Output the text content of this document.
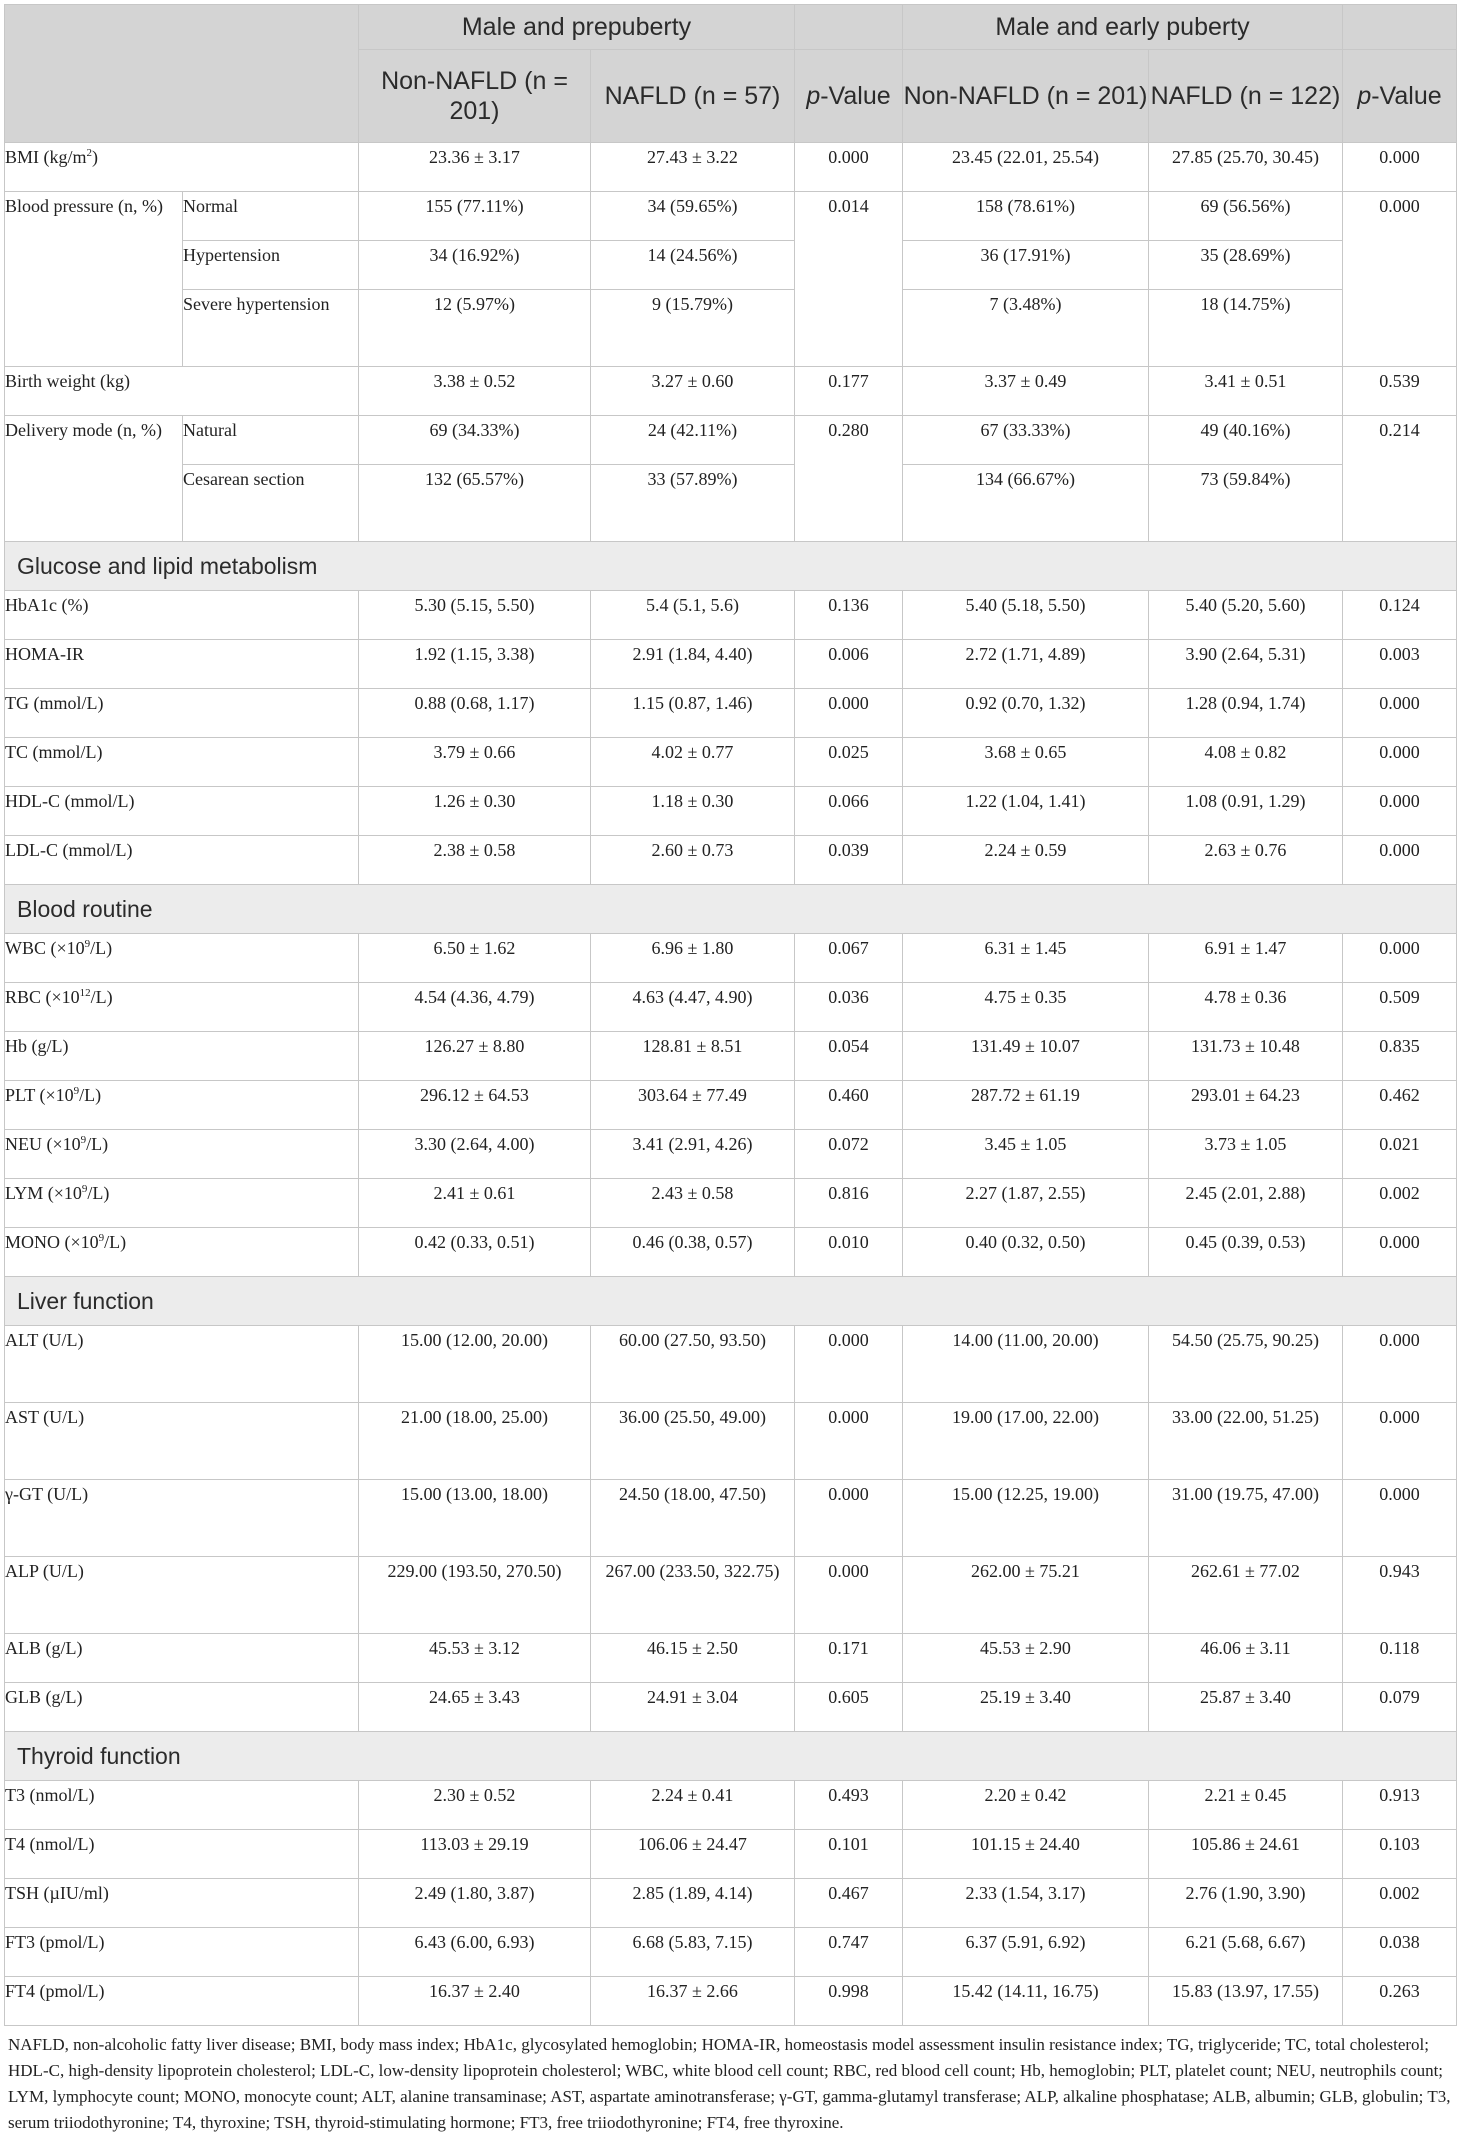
		Male and prepuberty			Male and early puberty		
		Non-NAFLD (n = 201)	NAFLD (n = 57)	p-Value	Non-NAFLD (n = 201)	NAFLD (n = 122)	p-Value
BMI $(kg/m^2)$		23.36 ± 3.17	27.43 ± 3.22	0.000	23.45 (22.01, 25.54)	27.85 (25.70, 30.45)	0.000
Blood pressure (n, %)	Normal	155 (77.11%)	34 (59.65%)	0.014	158 (78.61%)	69 (56.56%)	0.000
	Hypertension	34 (16.92%)	14 (24.56%)		36 (17.91%)	35 (28.69%)	
	Severe hypertension	12 (5.97%)	9 (15.79%)		7 (3.48%)	18 (14.75%)	
Birth weight (kg)		3.38 ± 0.52	3.27 ± 0.60	0.177	3.37 ± 0.49	3.41 ± 0.51	0.539
Delivery mode (n, %)	Natural	69 (34.33%)	24 (42.11%)	0.280	67 (33.33%)	49 (40.16%)	0.214
	Cesarean section	132 (65.57%)	33 (57.89%)		134 (66.67%)	73 (59.84%)	
Glucose and lipid metabolism							
HbA1c (%)		5.30 (5.15, 5.50)	5.4 (5.1, 5.6)	0.136	5.40 (5.18, 5.50)	5.40 (5.20, 5.60)	0.124
HOMA-IR		1.92 (1.15, 3.38)	2.91 (1.84, 4.40)	0.006	2.72 (1.71, 4.89)	3.90 (2.64, 5.31)	0.003
TG (mmol/L)		0.88 (0.68, 1.17)	1.15 (0.87, 1.46)	0.000	0.92 (0.70, 1.32)	1.28 (0.94, 1.74)	0.000
TC (mmol/L)		3.79 ± 0.66	4.02 ± 0.77	0.025	3.68 ± 0.65	4.08 ± 0.82	0.000
HDL-C (mmol/L)		1.26 ± 0.30	1.18 ± 0.30	0.066	1.22 (1.04, 1.41)	1.08 (0.91, 1.29)	0.000
LDL-C (mmol/L)		2.38 ± 0.58	2.60 ± 0.73	0.039	2.24 ± 0.59	2.63 ± 0.76	0.000
Blood routine							
WBC $(\times 10^9/L)$		6.50 ± 1.62	6.96 ± 1.80	0.067	6.31 ± 1.45	6.91 ± 1.47	0.000
RBC $(\times 10^{12}/L)$		4.54 (4.36, 4.79)	4.63 (4.47, 4.90)	0.036	4.75 ± 0.35	4.78 ± 0.36	0.509
Hb (g/L)		126.27 ± 8.80	128.81 ± 8.51	0.054	131.49 ± 10.07	131.73 ± 10.48	0.835
PLT $(\times 10^9/L)$		296.12 ± 64.53	303.64 ± 77.49	0.460	287.72 ± 61.19	293.01 ± 64.23	0.462
NEU $(\times 10^9/L)$		3.30 (2.64, 4.00)	3.41 (2.91, 4.26)	0.072	3.45 ± 1.05	3.73 ± 1.05	0.021
LYM $(\times 10^9/L)$		2.41 ± 0.61	2.43 ± 0.58	0.816	2.27 (1.87, 2.55)	2.45 (2.01, 2.88)	0.002
MONO $(\times 10^9/L)$		0.42 (0.33, 0.51)	0.46 (0.38, 0.57)	0.010	0.40 (0.32, 0.50)	0.45 (0.39, 0.53)	0.000
Liver function							
ALT (U/L)		15.00 (12.00, 20.00)	60.00 (27.50, 93.50)	0.000	14.00 (11.00, 20.00)	54.50 (25.75, 90.25)	0.000
AST (U/L)		21.00 (18.00, 25.00)	36.00 (25.50, 49.00)	0.000	19.00 (17.00, 22.00)	33.00 (22.00, 51.25)	0.000
γ-GT (U/L)		15.00 (13.00, 18.00)	24.50 (18.00, 47.50)	0.000	15.00 (12.25, 19.00)	31.00 (19.75, 47.00)	0.000
ALP (U/L)		229.00 (193.50, 270.50)	267.00 (233.50, 322.75)	0.000	262.00 ± 75.21	262.61 ± 77.02	0.943
ALB (g/L)		45.53 ± 3.12	46.15 ± 2.50	0.171	45.53 ± 2.90	46.06 ± 3.11	0.118
GLB (g/L)		24.65 ± 3.43	24.91 ± 3.04	0.605	25.19 ± 3.40	25.87 ± 3.40	0.079
Thyroid function							
T3 (nmol/L)		2.30 ± 0.52	2.24 ± 0.41	0.493	2.20 ± 0.42	2.21 ± 0.45	0.913
T4 (nmol/L)		113.03 ± 29.19	106.06 ± 24.47	0.101	101.15 ± 24.40	105.86 ± 24.61	0.103
TSH (µIU/ml)		2.49 (1.80, 3.87)	2.85 (1.89, 4.14)	0.467	2.33 (1.54, 3.17)	2.76 (1.90, 3.90)	0.002
FT3 (pmol/L)		6.43 (6.00, 6.93)	6.68 (5.83, 7.15)	0.747	6.37 (5.91, 6.92)	6.21 (5.68, 6.67)	0.038
FT4 (pmol/L)		16.37 ± 2.40	16.37 ± 2.66	0.998	15.42 (14.11, 16.75)	15.83 (13.97, 17.55)	0.263
NAFLD, non-alcoholic fatty liver disease; BMI, body mass index; HbA1c, glycosylated hemoglobin; HOMA-IR, homeostasis model assessment insulin resistance index; TG, triglyceride; TC, total cholesterol; HDL-C, high-density lipoprotein cholesterol; LDL-C, low-density lipoprotein cholesterol; WBC, white blood cell count; RBC, red blood cell count; Hb, hemoglobin; PLT, platelet count; NEU, neutrophils count; LYM, lymphocyte count; MONO, monocyte count; ALT, alanine transaminase; AST, aspartate aminotransferase; γ-GT, gamma-glutamyl transferase; ALP, alkaline phosphatase; ALB, albumin; GLB, globulin; T3, serum triiodothyronine; T4, thyroxine; TSH, thyroid-stimulating hormone; FT3, free triiodothyronine; FT4, free thyroxine.
